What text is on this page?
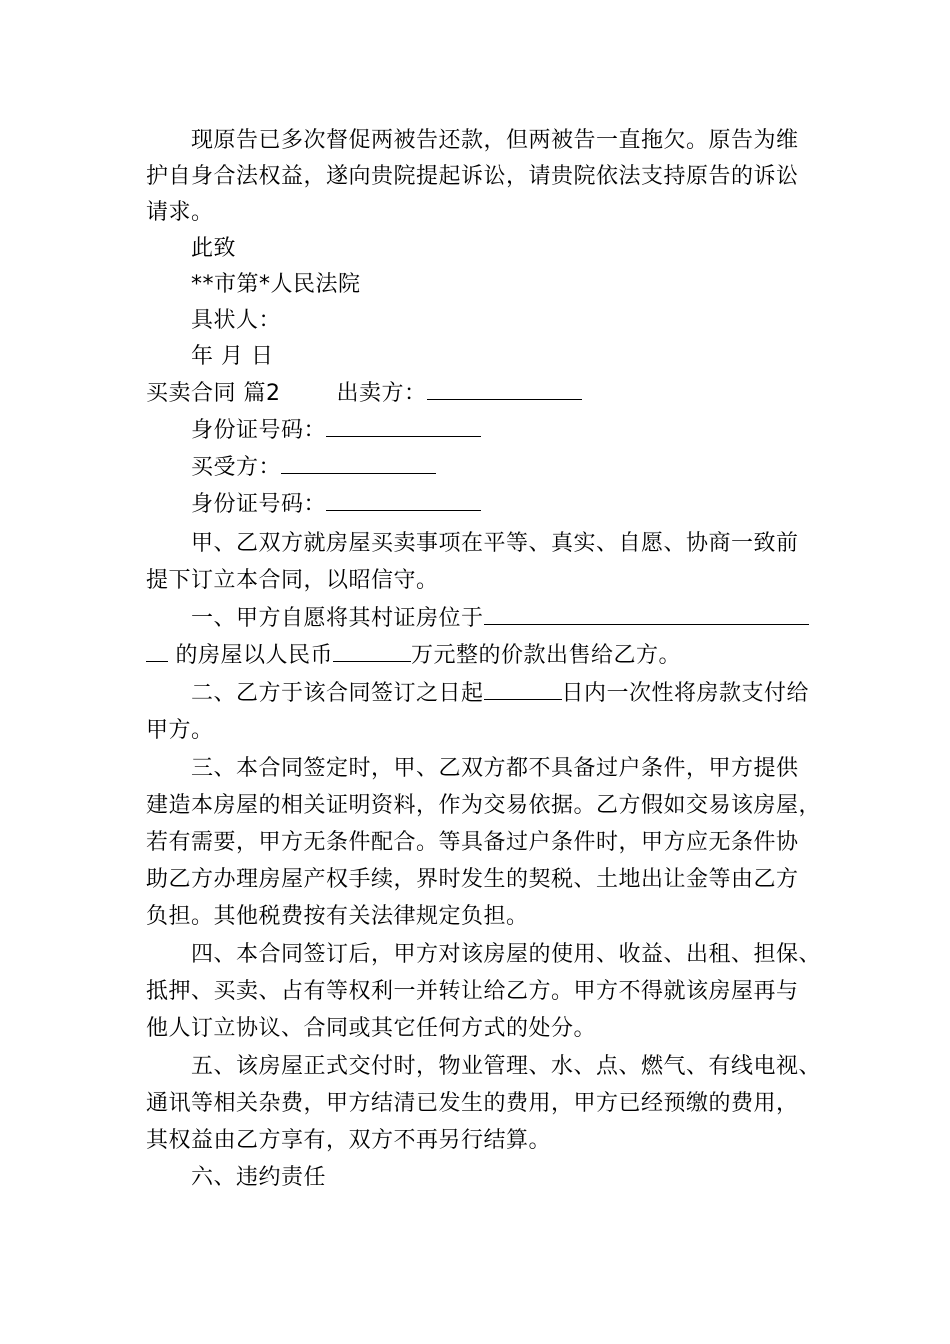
现原告已多次督促两被告还款，但两被告一直拖欠。原告为维
护自身合法权益，遂向贵院提起诉讼，请贵院依法支持原告的诉讼
请求。
此致
**市第*人民法院
具状人：
年 月 日
买卖合同 篇2	出卖方：
身份证号码：
买受方：
身份证号码：
甲、乙双方就房屋买卖事项在平等、真实、自愿、协商一致前
提下订立本合同，以昭信守。
一、甲方自愿将其村证房位于
的房屋以人民币	万元整的价款出售给乙方。
二、乙方于该合同签订之日起	日内一次性将房款支付给
甲方。
三、本合同签定时，甲、乙双方都不具备过户条件，甲方提供
建造本房屋的相关证明资料，作为交易依据。乙方假如交易该房屋，
若有需要，甲方无条件配合。等具备过户条件时，甲方应无条件协
助乙方办理房屋产权手续，界时发生的契税、土地出让金等由乙方
负担。其他税费按有关法律规定负担。
四、本合同签订后，甲方对该房屋的使用、收益、出租、担保、
抵押、买卖、占有等权利一并转让给乙方。甲方不得就该房屋再与
他人订立协议、合同或其它任何方式的处分。
五、该房屋正式交付时，物业管理、水、点、燃气、有线电视、
通讯等相关杂费，甲方结清已发生的费用，甲方已经预缴的费用，
其权益由乙方享有，双方不再另行结算。
六、违约责任
